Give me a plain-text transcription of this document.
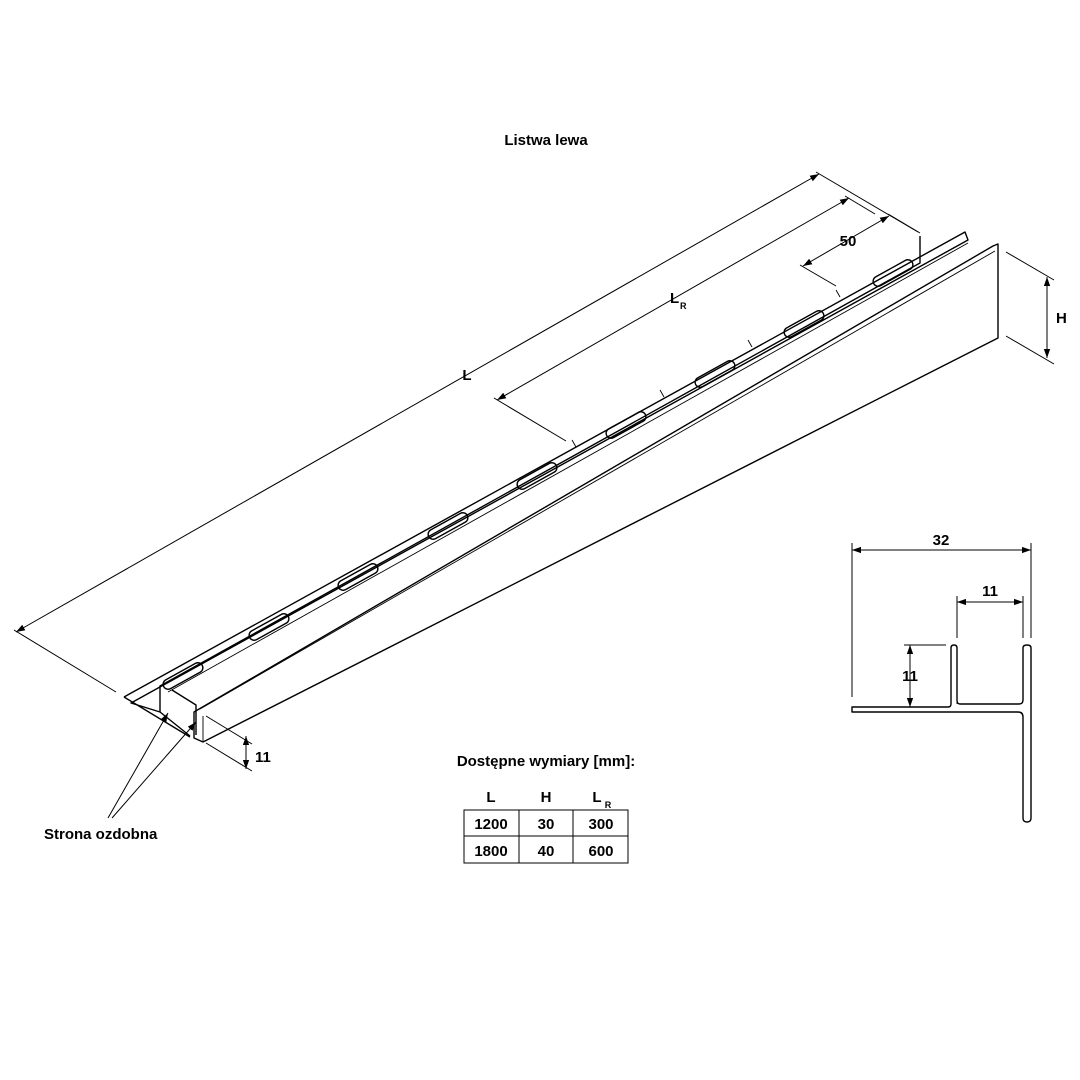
Listwa lewa
L
L R
50
H
11
Strona ozdobna
32
11
11
Dostępne wymiary [mm]:
L	H	L R
1200 30 300
1800 40 600
